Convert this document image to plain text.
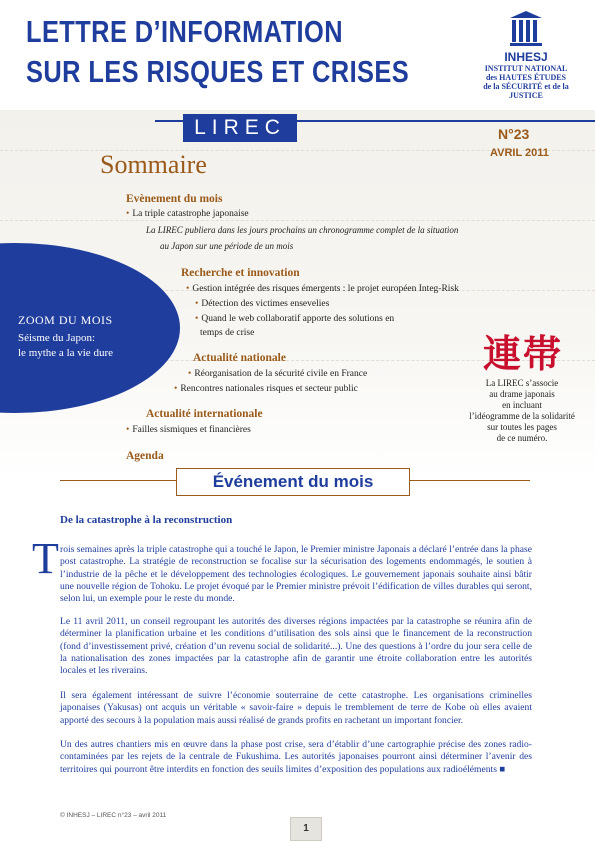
LETTRE D’INFORMATION
SUR LES RISQUES ET CRISES	INHESJ
INSTITUT NATIONAL
des HAUTES ÉTUDES
de la SÉCURITÉ et de la JUSTICE
LIREC	N°23
AVRIL 2011
Sommaire
ZOOM DU MOIS
Séisme du Japon:
le mythe a la vie dure
Evènement du mois
• La triple catastrophe japonaise
La LIREC publiera dans les jours prochains un chronogramme complet de la situation
au Japon sur une période de un mois
Recherche et innovation
• Gestion intégrée des risques émergents : le projet européen Integ-Risk
• Détection des victimes ensevelies
• Quand le web collaboratif apporte des solutions en
temps de crise
Actualité nationale
• Réorganisation de la sécurité civile en France
• Rencontres nationales risques et secteur public
Actualité internationale
• Failles sismiques et financières
Agenda
連帯
La LIREC s’associe
au drame japonais
en incluant
l’idéogramme de la solidarité
sur toutes les pages
de ce numéro.
Événement du mois
De la catastrophe à la reconstruction
T rois semaines après la triple catastrophe qui a touché le Japon, le Premier ministre Japonais a déclaré l’entrée dans la phase post catastrophe. La stratégie de reconstruction se focalise sur la sécurisation des logements endommagés, le soutien à l’industrie de la pêche et le développement des technologies écologiques. Le gouvernement japonais souhaite ainsi bâtir une nouvelle région de Tohoku. Le projet évoqué par le Premier ministre prévoit l’édification de villes durables qui seront, selon lui, un exemple pour le reste du monde.
Le 11 avril 2011, un conseil regroupant les autorités des diverses régions impactées par la catastrophe se réunira afin de déterminer la planification urbaine et les conditions d’utilisation des sols ainsi que le financement de la reconstruction (fond d’investissement privé, création d’un revenu social de solidarité...). Une des questions à l’ordre du jour sera celle de la nationalisation des zones impactées par la catastrophe afin de garantir une étroite collaboration entre les autorités locales et les riverains.
Il sera également intéressant de suivre l’économie souterraine de cette catastrophe. Les organisations criminelles japonaises (Yakusas) ont acquis un véritable « savoir-faire » depuis le tremblement de terre de Kobe où elles avaient apporté des secours à la population mais aussi réalisé de grands profits en rachetant un important foncier.
Un des autres chantiers mis en œuvre dans la phase post crise, sera d’établir d’une cartographie précise des zones radio-contaminées par les rejets de la centrale de Fukushima. Les autorités japonaises pourront ainsi déterminer l’avenir des territoires qui pourront être interdits en fonction des seuils limites d’exposition des populations aux radioéléments ■
© INHESJ – LIREC n°23 – avril 2011
1
